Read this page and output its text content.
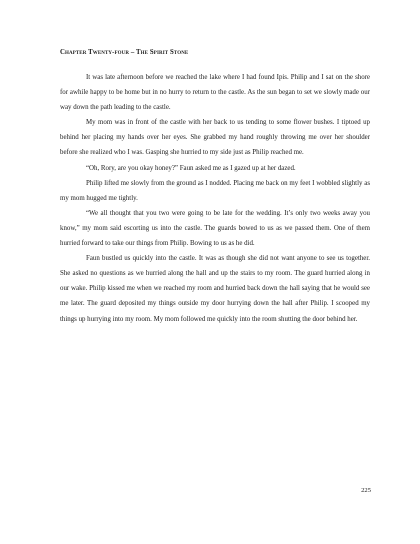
Chapter Twenty-four – The Spirit Stone

It was late afternoon before we reached the lake where I had found Ipis. Philip and I sat on the shore for awhile happy to be home but in no hurry to return to the castle. As the sun began to set we slowly made our way down the path leading to the castle.

My mom was in front of the castle with her back to us tending to some flower bushes. I tiptoed up behind her placing my hands over her eyes. She grabbed my hand roughly throwing me over her shoulder before she realized who I was. Gasping she hurried to my side just as Philip reached me.

“Oh, Rory, are you okay honey?” Faun asked me as I gazed up at her dazed.

Philip lifted me slowly from the ground as I nodded. Placing me back on my feet I wobbled slightly as my mom hugged me tightly.

“We all thought that you two were going to be late for the wedding. It’s only two weeks away you know,” my mom said escorting us into the castle. The guards bowed to us as we passed them. One of them hurried forward to take our things from Philip. Bowing to us as he did.

Faun bustled us quickly into the castle. It was as though she did not want anyone to see us together. She asked no questions as we hurried along the hall and up the stairs to my room. The guard hurried along in our wake. Philip kissed me when we reached my room and hurried back down the hall saying that he would see me later. The guard deposited my things outside my door hurrying down the hall after Philip. I scooped my things up hurrying into my room. My mom followed me quickly into the room shutting the door behind her.

225
